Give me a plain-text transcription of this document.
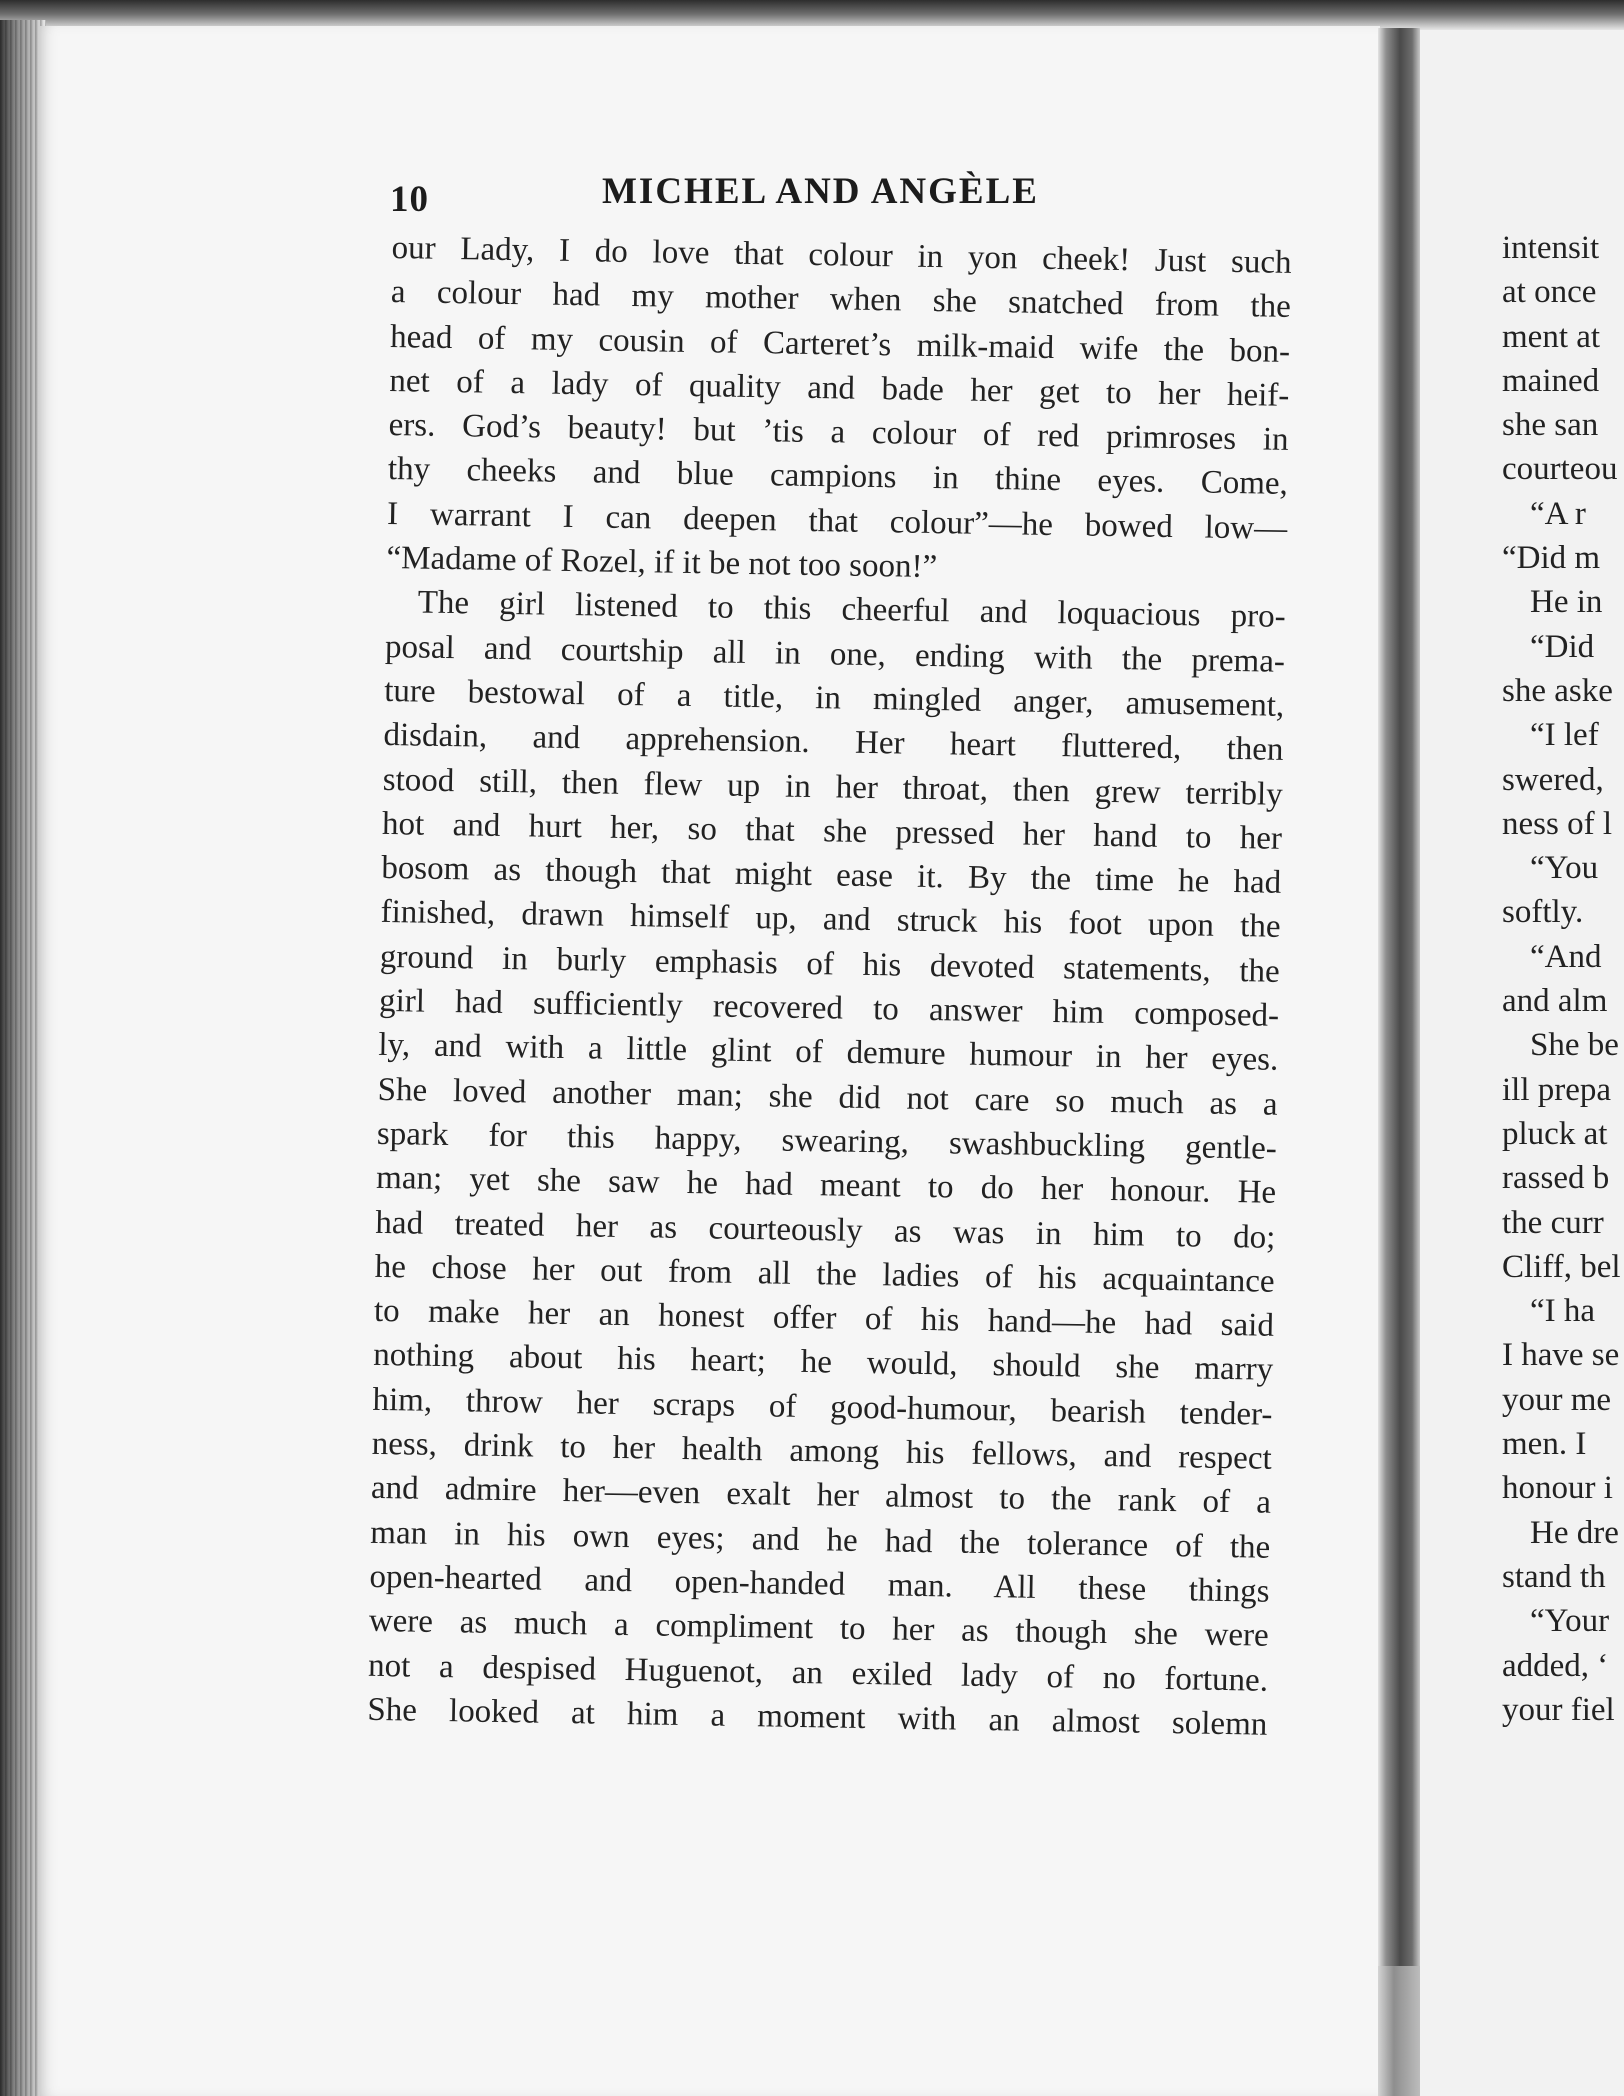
10	MICHEL AND ANGÈLE
our Lady, I do love that colour in yon cheek! Just such
a colour had my mother when she snatched from the
head of my cousin of Carteret’s milk-maid wife the bon-
net of a lady of quality and bade her get to her heif-
ers. God’s beauty! but ’tis a colour of red primroses in
thy cheeks and blue campions in thine eyes. Come,
I warrant I can deepen that colour”—he bowed low—
“Madame of Rozel, if it be not too soon!”
The girl listened to this cheerful and loquacious pro-
posal and courtship all in one, ending with the prema-
ture bestowal of a title, in mingled anger, amusement,
disdain, and apprehension. Her heart fluttered, then
stood still, then flew up in her throat, then grew terribly
hot and hurt her, so that she pressed her hand to her
bosom as though that might ease it. By the time he had
finished, drawn himself up, and struck his foot upon the
ground in burly emphasis of his devoted statements, the
girl had sufficiently recovered to answer him composed-
ly, and with a little glint of demure humour in her eyes.
She loved another man; she did not care so much as a
spark for this happy, swearing, swashbuckling gentle-
man; yet she saw he had meant to do her honour. He
had treated her as courteously as was in him to do;
he chose her out from all the ladies of his acquaintance
to make her an honest offer of his hand—he had said
nothing about his heart; he would, should she marry
him, throw her scraps of good-humour, bearish tender-
ness, drink to her health among his fellows, and respect
and admire her—even exalt her almost to the rank of a
man in his own eyes; and he had the tolerance of the
open-hearted and open-handed man. All these things
were as much a compliment to her as though she were
not a despised Huguenot, an exiled lady of no fortune.
She looked at him a moment with an almost solemn
intensit
at once
ment at
mained
she san
courteou
“A r
“Did m
He in
“Did
she aske
“I lef
swered,
ness of l
“You
softly.
“And
and alm
She be
ill prepa
pluck at
rassed b
the curr
Cliff, bel
“I ha
I have se
your me
men. I
honour i
He dre
stand th
“Your
added, ‘
your fiel
